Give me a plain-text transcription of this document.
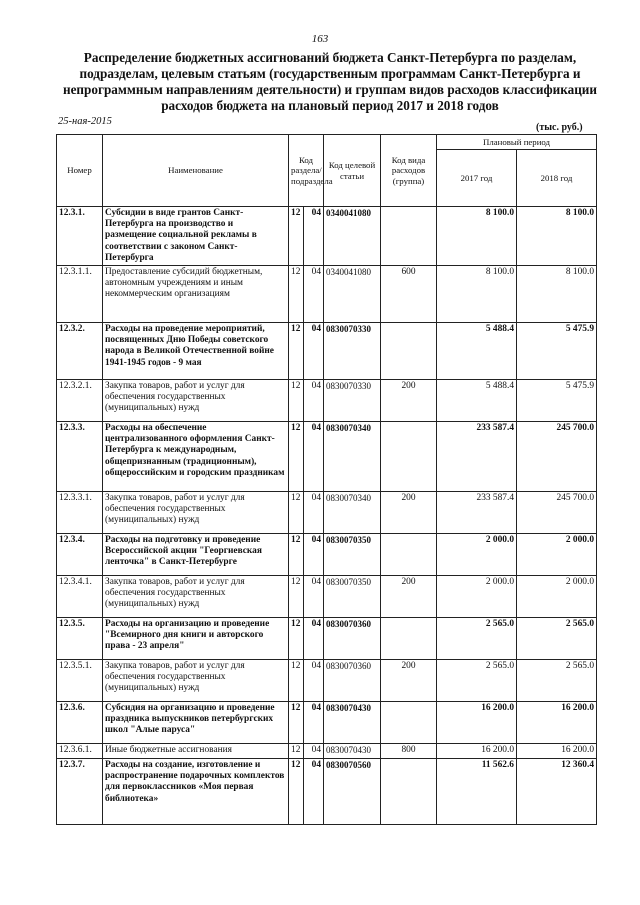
163
Распределение бюджетных ассигнований бюджета Санкт-Петербурга по разделам, подразделам, целевым статьям (государственным программам Санкт-Петербурга и непрограммным направлениям деятельности) и группам видов расходов классификации расходов бюджета на плановый период 2017 и 2018 годов
25-ная-2015
(тыс. руб.)
Номер	Наименование	Код раздела/ подраздела		Код целевой статьи	Код вида расходов (группа)	Плановый период	
						2017 год	2018 год
12.3.1.	Субсидии в виде грантов Санкт-Петербурга на производство и размещение социальной рекламы в соответствии с законом Санкт-Петербурга	12	04	0340041080		8 100.0	8 100.0
12.3.1.1.	Предоставление субсидий бюджетным, автономным учреждениям и иным некоммерческим организациям	12	04	0340041080	600	8 100.0	8 100.0
12.3.2.	Расходы на проведение мероприятий, посвященных Дню Победы советского народа в Великой Отечественной войне 1941-1945 годов - 9 мая	12	04	0830070330		5 488.4	5 475.9
12.3.2.1.	Закупка товаров, работ и услуг для обеспечения государственных (муниципальных) нужд	12	04	0830070330	200	5 488.4	5 475.9
12.3.3.	Расходы на обеспечение централизованного оформления Санкт-Петербурга к международным, общепризнанным (традиционным), общероссийским и городским праздникам	12	04	0830070340		233 587.4	245 700.0
12.3.3.1.	Закупка товаров, работ и услуг для обеспечения государственных (муниципальных) нужд	12	04	0830070340	200	233 587.4	245 700.0
12.3.4.	Расходы на подготовку и проведение Всероссийской акции "Георгиевская ленточка" в Санкт-Петербурге	12	04	0830070350		2 000.0	2 000.0
12.3.4.1.	Закупка товаров, работ и услуг для обеспечения государственных (муниципальных) нужд	12	04	0830070350	200	2 000.0	2 000.0
12.3.5.	Расходы на организацию и проведение "Всемирного дня книги и авторского права - 23 апреля"	12	04	0830070360		2 565.0	2 565.0
12.3.5.1.	Закупка товаров, работ и услуг для обеспечения государственных (муниципальных) нужд	12	04	0830070360	200	2 565.0	2 565.0
12.3.6.	Субсидия на организацию и проведение праздника выпускников петербургских школ "Алые паруса"	12	04	0830070430		16 200.0	16 200.0
12.3.6.1.	Иные бюджетные ассигнования	12	04	0830070430	800	16 200.0	16 200.0
12.3.7.	Расходы на создание, изготовление и распространение подарочных комплектов для первоклассников «Моя первая библиотека»	12	04	0830070560		11 562.6	12 360.4
